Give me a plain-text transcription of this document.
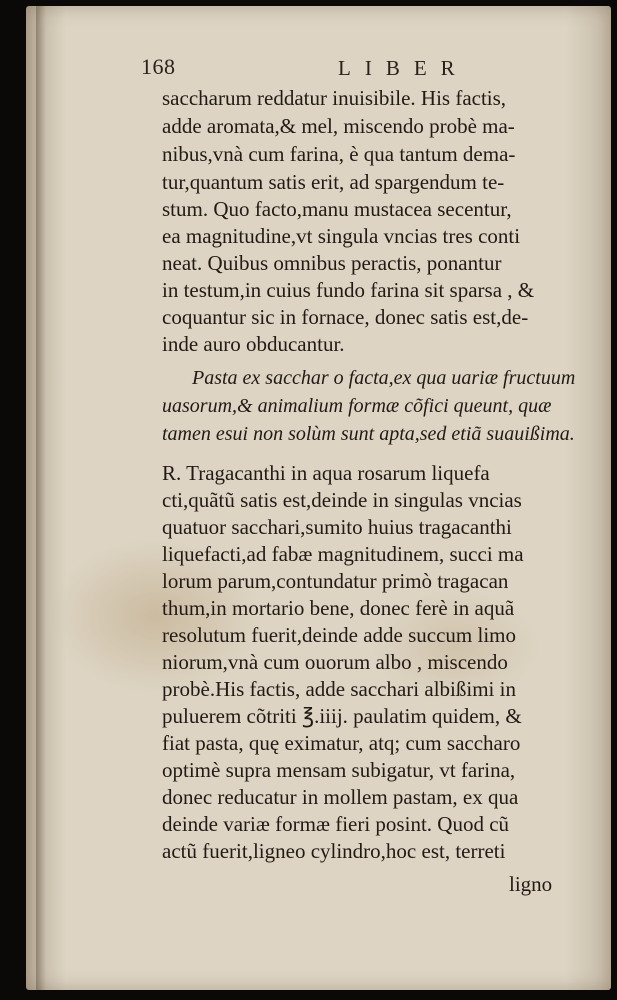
168	LIBER
saccharum reddatur inuisibile. His factis,
adde aromata,& mel, miscendo probè ma-
nibus,vnà cum farina, è qua tantum dema-
tur,quantum satis erit, ad spargendum te-
stum. Quo facto,manu mustacea secentur,
ea magnitudine,vt singula vncias tres conti
neat. Quibus omnibus peractis, ponantur
in testum,in cuius fundo farina sit sparsa , &
coquantur sic in fornace, donec satis est,de-
inde auro obducantur.
Pasta ex sacchar o facta,ex qua uariæ fructuum
uasorum,& animalium formæ cõfici queunt, quæ
tamen esui non solùm sunt apta,sed etiã suauißima.
R. Tragacanthi in aqua rosarum liquefa
cti,quãtũ satis est,deinde in singulas vncias
quatuor sacchari,sumito huius tragacanthi
liquefacti,ad fabæ magnitudinem, succi ma
lorum parum,contundatur primò tragacan
thum,in mortario bene, donec ferè in aquã
resolutum fuerit,deinde adde succum limo
niorum,vnà cum ouorum albo , miscendo
probè.His factis, adde sacchari albißimi in
puluerem cõtriti ℥.iiij. paulatim quidem, &
fiat pasta, quę eximatur, atq; cum saccharo
optimè supra mensam subigatur, vt farina,
donec reducatur in mollem pastam, ex qua
deinde variæ formæ fieri posint. Quod cũ
actũ fuerit,ligneo cylindro,hoc est, terreti
ligno
